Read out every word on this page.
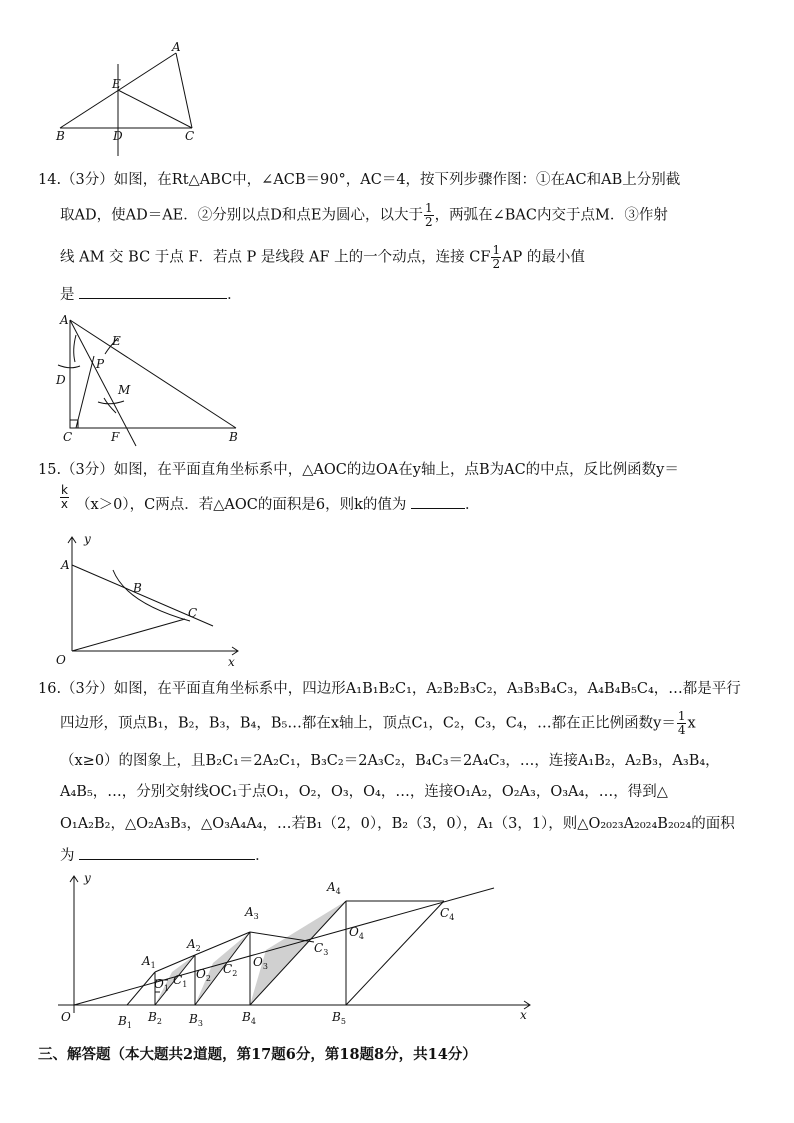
A
E
B	D	C
14.（3分）如图，在Rt△ABC中，∠ACB＝90°，AC＝4，按下列步骤作图：①在AC和AB上分别截
取AD，使AD＝AE．②分别以点D和点E为圆心，以大于 $\frac{1}{2}$ ，两弧在∠BAC内交于点M．③作射
线 AM 交 BC 于点 F．若点 P 是线段 AF 上的一个动点，连接 CF $\frac{1}{2}$ AP 的最小值
是	．
A
E
P
M
D
C	F	B
15.（3分）如图，在平面直角坐标系中，△AOC的边OA在y轴上，点B为AC的中点，反比例函数y＝
k
x （x＞0），C两点．若△AOC的面积是6，则k的值为	．
y
A
B
C
O	x
16.（3分）如图，在平面直角坐标系中，四边形A₁B₁B₂C₁，A₂B₂B₃C₂，A₃B₃B₄C₃，A₄B₄B₅C₄，…都是平行
四边形，顶点B₁，B₂，B₃，B₄，B₅…都在x轴上，顶点C₁，C₂，C₃，C₄，…都在正比例函数$y= \frac{1}{4}$ x
（x≥0）的图象上，且B₂C₁＝2A₂C₁，B₃C₂＝2A₃C₂，B₄C₃＝2A₄C₃，…，连接A₁B₂，A₂B₃，A₃B₄，
A₄B₅，…，分别交射线OC₁于点O₁，O₂，O₃，O₄，…，连接O₁A₂，O₂A₃，O₃A₄，…，得到△
O₁A₂B₂，△O₂A₃B₃，△O₃A₄A₄，…若B₁（2，0），B₂（3，0），A₁（3，1），则△O₂₀₂₃A₂₀₂₄B₂₀₂₄的面积
为	．
y
x
O
$A_1$
$A_2$
$A_3$
$A_4$
$B_1$
$B_2$ $B_3$	$B_4$	$B_5$
$C_1$
$C_2$
$C_3$
$C_4$
$O_1$
$O_2$
$O_3$
$O_4$
三、解答题（本大题共2道题，第17题6分，第18题8分，共14分）
